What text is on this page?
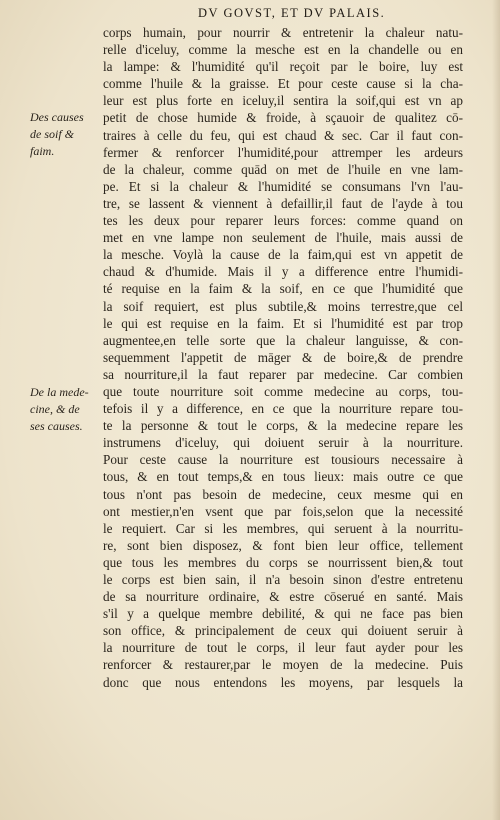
DV GOVST, ET DV PALAIS.
Des causes
de soif &
faim.
De la mede-
cine, & de
ses causes.
corps humain, pour nourrir & entretenir la chaleur natu-
relle d'iceluy, comme la mesche est en la chandelle ou en
la lampe: & l'humidité qu'il reçoit par le boire, luy est
comme l'huile & la graisse. Et pour ceste cause si la cha-
leur est plus forte en iceluy,il sentira la soif,qui est vn ap
petit de chose humide & froide, à sçauoir de qualitez cō-
traires à celle du feu, qui est chaud & sec. Car il faut con-
fermer & renforcer l'humidité,pour attremper les ardeurs
de la chaleur, comme quād on met de l'huile en vne lam-
pe. Et si la chaleur & l'humidité se consumans l'vn l'au-
tre, se lassent & viennent à defaillir,il faut de l'ayde à tou
tes les deux pour reparer leurs forces: comme quand on
met en vne lampe non seulement de l'huile, mais aussi de
la mesche. Voylà la cause de la faim,qui est vn appetit de
chaud & d'humide. Mais il y a difference entre l'humidi-
té requise en la faim & la soif, en ce que l'humidité que
la soif requiert, est plus subtile,& moins terrestre,que cel
le qui est requise en la faim. Et si l'humidité est par trop
augmentee,en telle sorte que la chaleur languisse, & con-
sequemment l'appetit de māger & de boire,& de prendre
sa nourriture,il la faut reparer par medecine. Car combien
que toute nourriture soit comme medecine au corps, tou-
tefois il y a difference, en ce que la nourriture repare tou-
te la personne & tout le corps, & la medecine repare les
instrumens d'iceluy, qui doiuent seruir à la nourriture.
Pour ceste cause la nourriture est tousiours necessaire à
tous, & en tout temps,& en tous lieux: mais outre ce que
tous n'ont pas besoin de medecine, ceux mesme qui en
ont mestier,n'en vsent que par fois,selon que la necessité
le requiert. Car si les membres, qui seruent à la nourritu-
re, sont bien disposez, & font bien leur office, tellement
que tous les membres du corps se nourrissent bien,& tout
le corps est bien sain, il n'a besoin sinon d'estre entretenu
de sa nourriture ordinaire, & estre cōserué en santé. Mais
s'il y a quelque membre debilité, & qui ne face pas bien
son office, & principalement de ceux qui doiuent seruir à
la nourriture de tout le corps, il leur faut ayder pour les
renforcer & restaurer,par le moyen de la medecine. Puis
donc que nous entendons les moyens, par lesquels la
